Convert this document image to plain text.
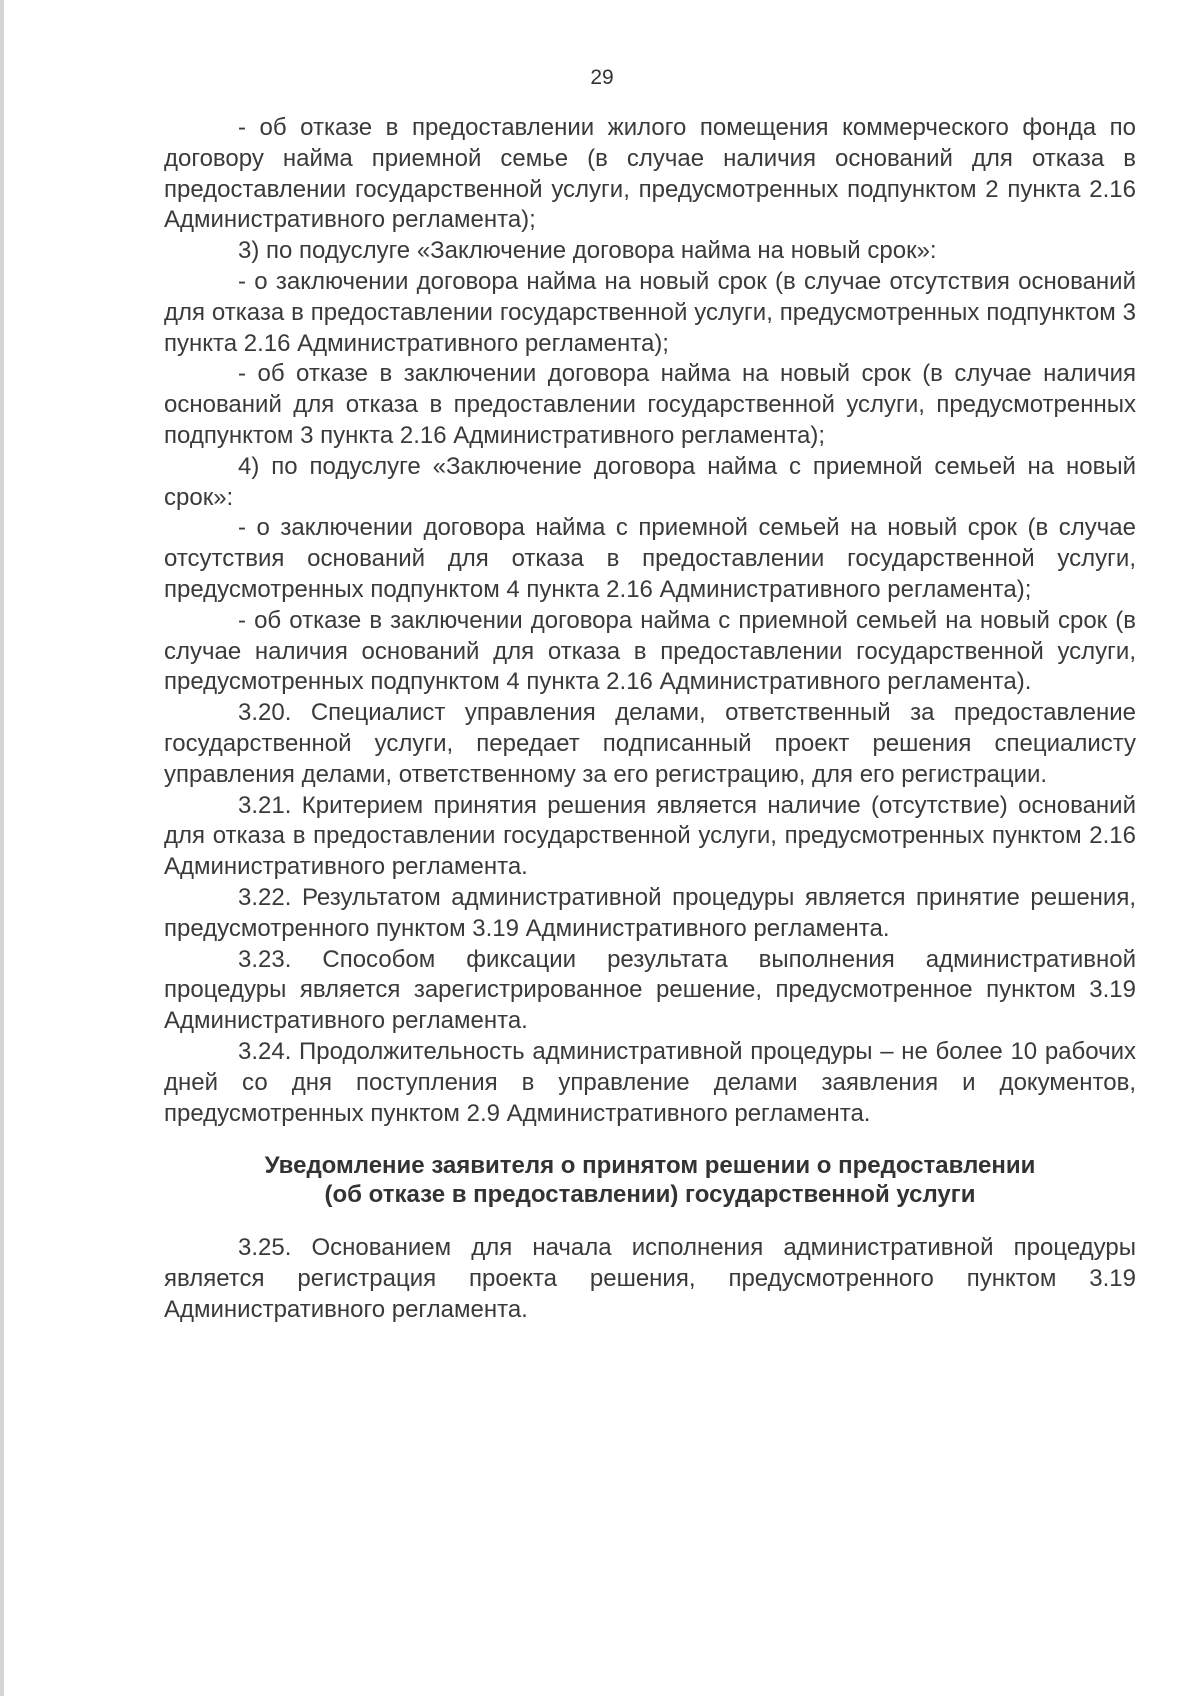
29

- об отказе в предоставлении жилого помещения коммерческого фонда по договору найма приемной семье (в случае наличия оснований для отказа в предоставлении государственной услуги, предусмотренных подпунктом 2 пункта 2.16 Административного регламента);

3) по подуслуге «Заключение договора найма на новый срок»:

- о заключении договора найма на новый срок (в случае отсутствия оснований для отказа в предоставлении государственной услуги, предусмотренных подпунктом 3 пункта 2.16 Административного регламента);

- об отказе в заключении договора найма на новый срок (в случае наличия оснований для отказа в предоставлении государственной услуги, предусмотренных подпунктом 3 пункта 2.16 Административного регламента);

4) по подуслуге «Заключение договора найма с приемной семьей на новый срок»:

- о заключении договора найма с приемной семьей на новый срок (в случае отсутствия оснований для отказа в предоставлении государственной услуги, предусмотренных подпунктом 4 пункта 2.16 Административного регламента);

- об отказе в заключении договора найма с приемной семьей на новый срок (в случае наличия оснований для отказа в предоставлении государственной услуги, предусмотренных подпунктом 4 пункта 2.16 Административного регламента).

3.20. Специалист управления делами, ответственный за предоставление государственной услуги, передает подписанный проект решения специалисту управления делами, ответственному за его регистрацию, для его регистрации.

3.21. Критерием принятия решения является наличие (отсутствие) оснований для отказа в предоставлении государственной услуги, предусмотренных пунктом 2.16 Административного регламента.

3.22. Результатом административной процедуры является принятие решения, предусмотренного пунктом 3.19 Административного регламента.

3.23. Способом фиксации результата выполнения административной процедуры является зарегистрированное решение, предусмотренное пунктом 3.19 Административного регламента.

3.24. Продолжительность административной процедуры – не более 10 рабочих дней со дня поступления в управление делами заявления и документов, предусмотренных пунктом 2.9 Административного регламента.

Уведомление заявителя о принятом решении о предоставлении
(об отказе в предоставлении) государственной услуги

3.25. Основанием для начала исполнения административной процедуры является регистрация проекта решения, предусмотренного пунктом 3.19 Административного регламента.
